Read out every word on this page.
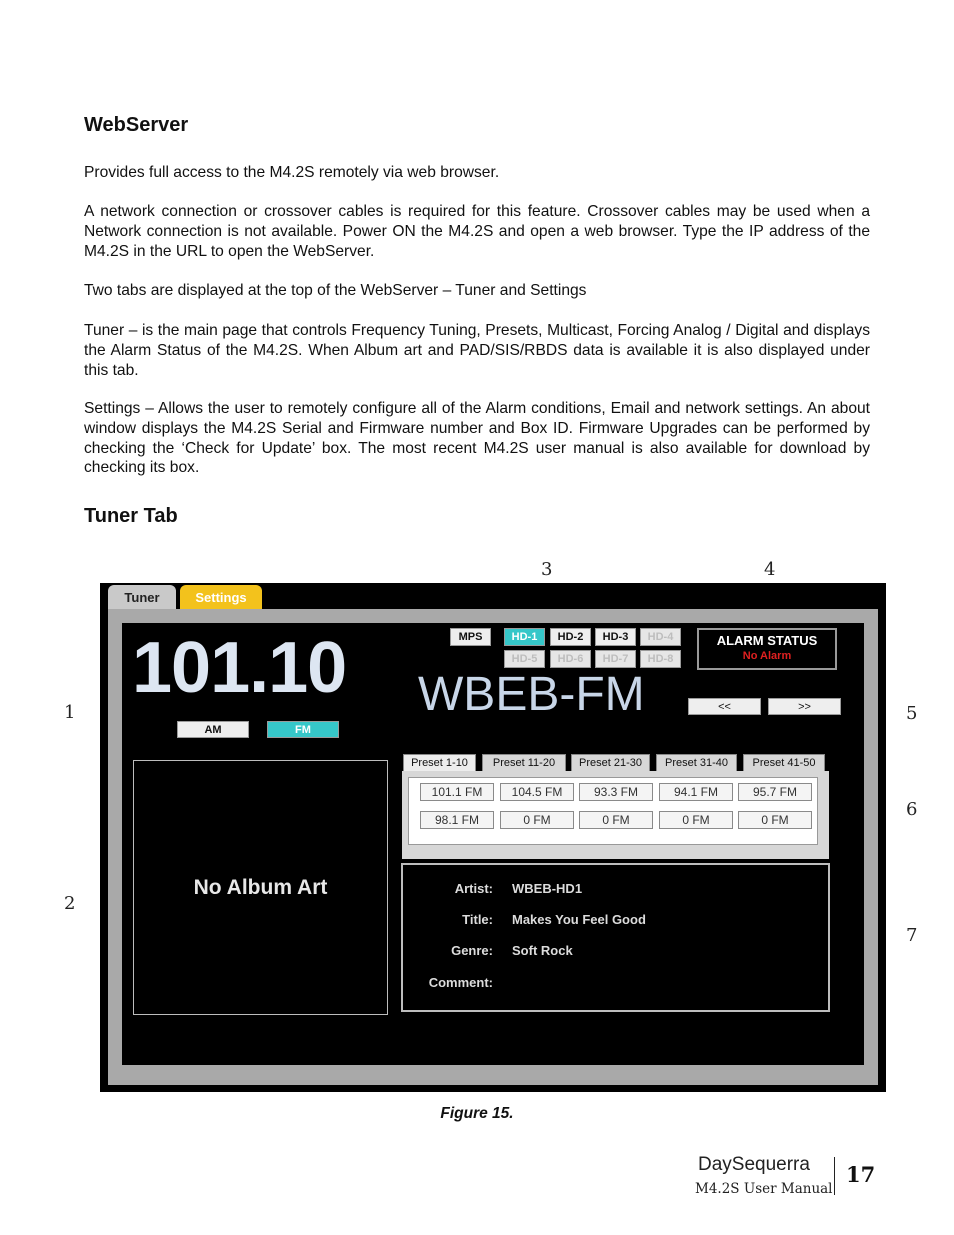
WebServer

Provides full access to the M4.2S remotely via web browser.

A network connection or crossover cables is required for this feature. Crossover cables may be used when a Network connection is not available. Power ON the M4.2S and open a web browser. Type the IP address of the M4.2S in the URL to open the WebServer.

Two tabs are displayed at the top of the WebServer – Tuner and Settings

Tuner – is the main page that controls Frequency Tuning, Presets, Multicast, Forcing Analog / Digital and displays the Alarm Status of the M4.2S. When Album art and PAD/SIS/RBDS data is available it is also displayed under this tab.

Settings – Allows the user to remotely configure all of the Alarm conditions, Email and network settings. An about window displays the M4.2S Serial and Firmware number and Box ID. Firmware Upgrades can be performed by checking the ‘Check for Update’ box. The most recent M4.2S user manual is also available for download by checking its box.

Tuner Tab
1
2
3	4
5
6
7
Tuner	Settings
101.10
AM	FM
MPS	HD-1	HD-2	HD-3	HD-4
HD-5	HD-6	HD-7	HD-8
ALARM STATUS
No Alarm
WBEB-FM	<<	>>
Preset 1-10	Preset 11-20	Preset 21-30	Preset 31-40	Preset 41-50
101.1 FM	104.5 FM	93.3 FM	94.1 FM	95.7 FM
98.1 FM	0 FM	0 FM	0 FM	0 FM
No Album Art	Artist: WBEB-HD1
Title: Makes You Feel Good
Genre: Soft Rock
Comment:
Figure 15.
DaySequerra
M4.2S User Manual
17
